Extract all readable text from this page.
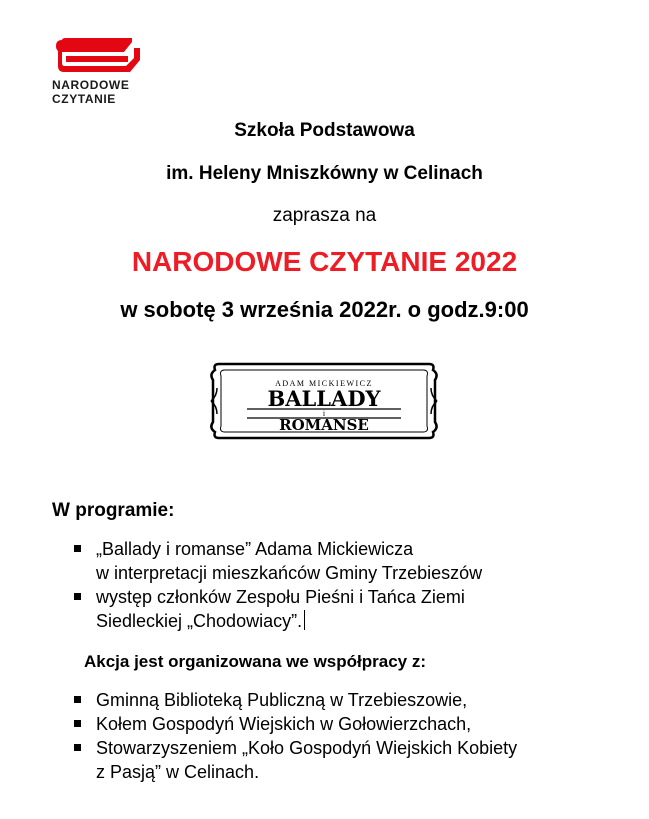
NARODOWE
CZYTANIE
Szkoła Podstawowa
im. Heleny Mniszkówny w Celinach
zaprasza na
NARODOWE CZYTANIE 2022
w sobotę 3 września 2022r. o godz.9:00
ADAM MICKIEWICZ
BALLADY
i
ROMANSE
W programie:
„Ballady i romanse” Adama Mickiewicza
w interpretacji mieszkańców Gminy Trzebieszów
występ członków Zespołu Pieśni i Tańca Ziemi
Siedleckiej „Chodowiacy”.
Akcja jest organizowana we współpracy z:
Gminną Biblioteką Publiczną w Trzebieszowie,
Kołem Gospodyń Wiejskich w Gołowierzchach,
Stowarzyszeniem „Koło Gospodyń Wiejskich Kobiety
z Pasją” w Celinach.
